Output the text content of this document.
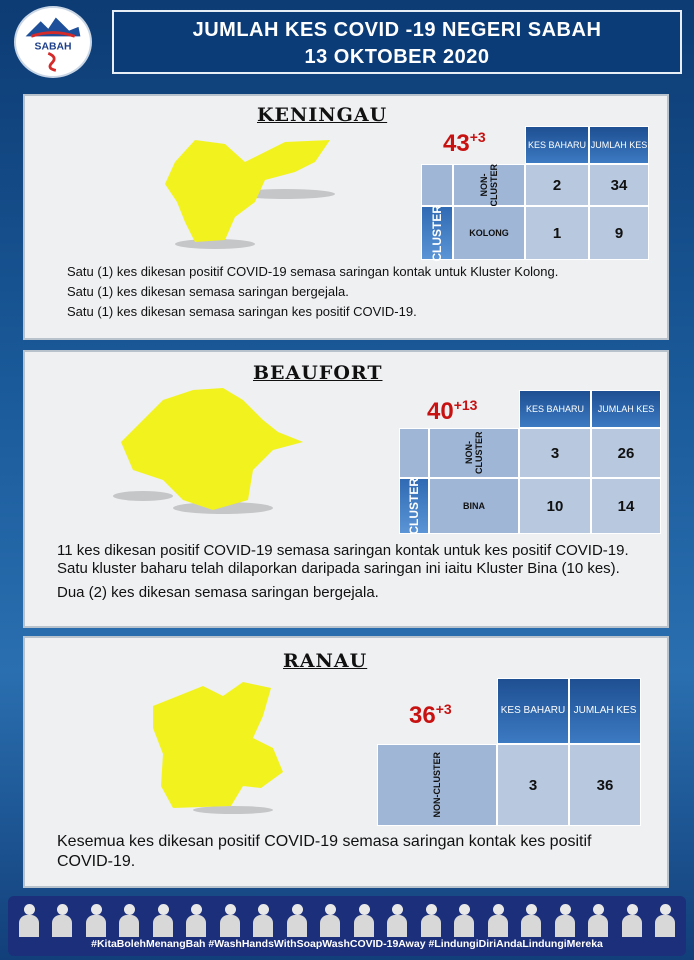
SABAH
JUMLAH KES COVID -19 NEGERI SABAH
13 OKTOBER 2020
KENINGAU
$43^{+3}$	KES BAHARU JUMLAH KES
NON-CLUSTER	2	34
CLUSTER	KOLONG	1	9

Satu (1) kes dikesan positif COVID-19 semasa saringan kontak untuk Kluster Kolong.

Satu (1) kes dikesan semasa saringan bergejala.

Satu (1) kes dikesan semasa saringan kes positif COVID-19.

BEAUFORT
$40^{+13}$	KES BAHARU	JUMLAH KES
NON-CLUSTER	3	26
CLUSTER	BINA	10	14

11 kes dikesan positif COVID-19 semasa saringan kontak untuk kes positif COVID-19. Satu kluster baharu telah dilaporkan daripada saringan ini iaitu Kluster Bina (10 kes).

Dua (2) kes dikesan semasa saringan bergejala.

RANAU
$36^{+3}$	KES BAHARU JUMLAH KES
NON-CLUSTER	3	36

Kesemua kes dikesan positif COVID-19 semasa saringan kontak kes positif COVID-19.

#KitaBolehMenangBah #WashHandsWithSoapWashCOVID-19Away #LindungiDiriAndaLindungiMereka
